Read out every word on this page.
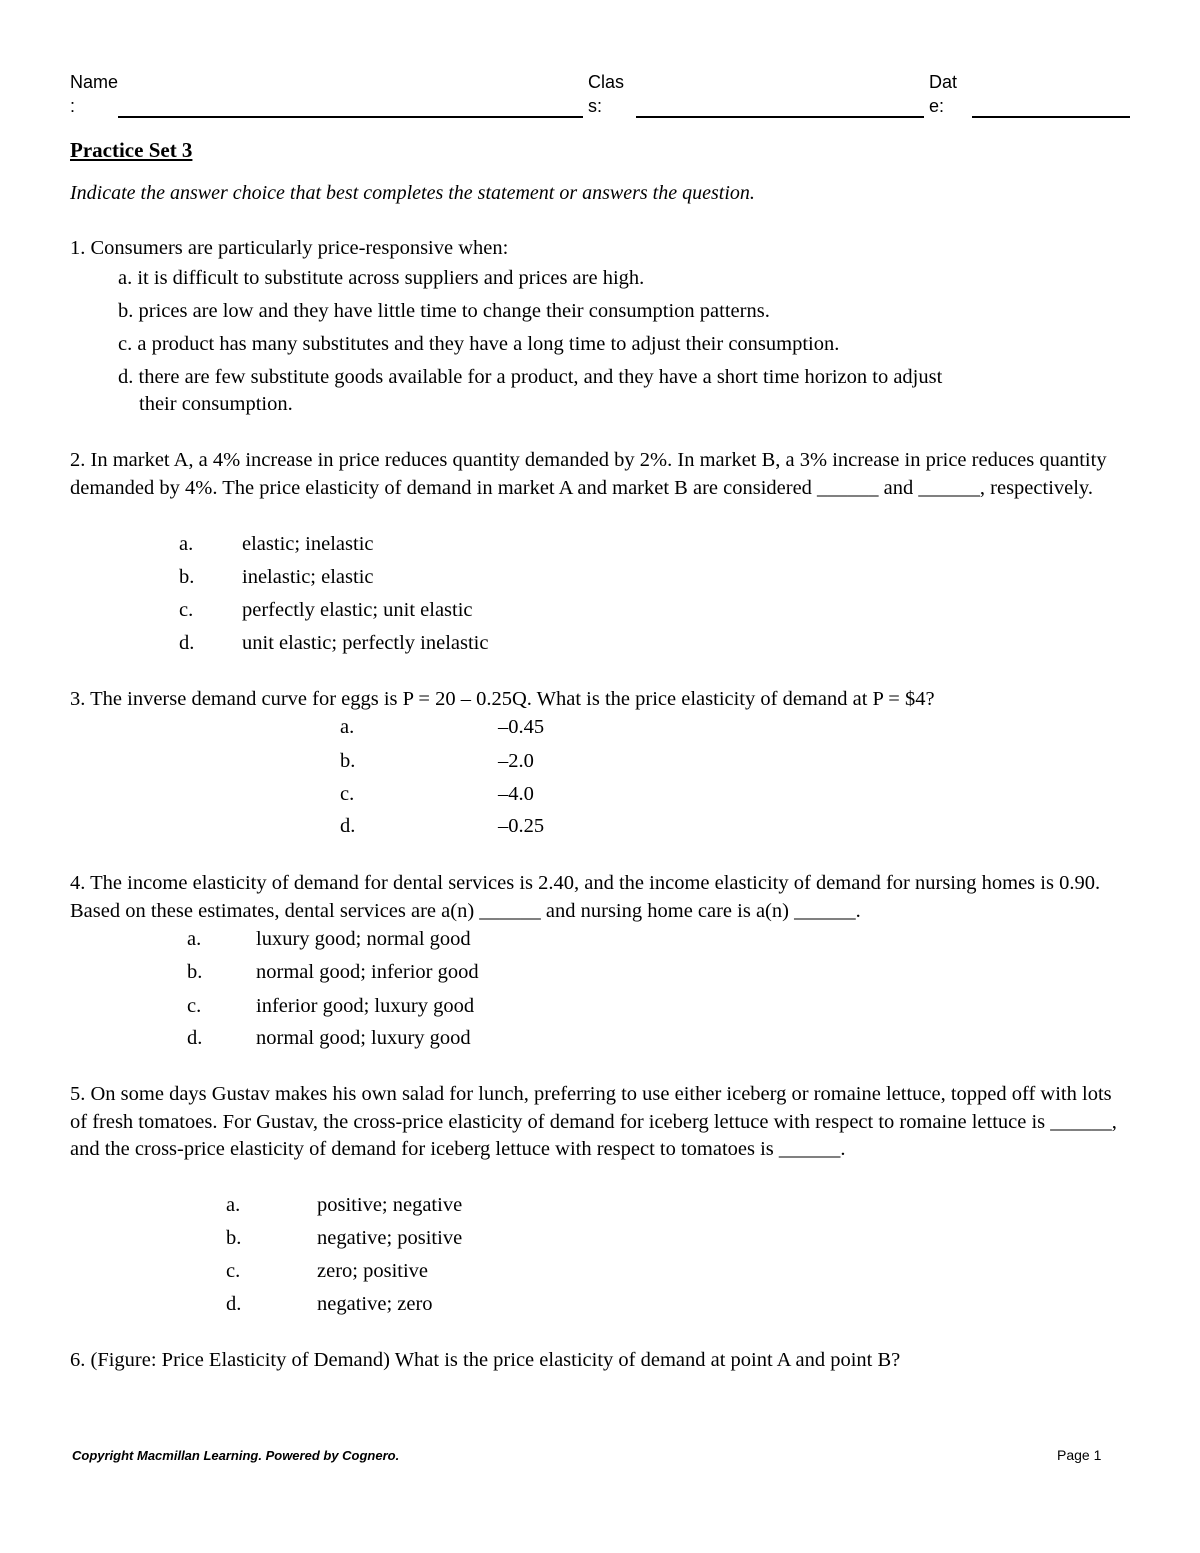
Name
:
Clas
s:
Dat
e:
Practice Set 3
Indicate the answer choice that best completes the statement or answers the question.
1. Consumers are particularly price-responsive when:
a. it is difficult to substitute across suppliers and prices are high.
b. prices are low and they have little time to change their consumption patterns.
c. a product has many substitutes and they have a long time to adjust their consumption.
d. there are few substitute goods available for a product, and they have a short time horizon to adjust
their consumption.
2. In market A, a 4% increase in price reduces quantity demanded by 2%. In market B, a 3% increase in price reduces quantity demanded by 4%. The price elasticity of demand in market A and market B are considered ______ and ______, respectively.
a. elastic; inelastic
b. inelastic; elastic
c. perfectly elastic; unit elastic
d. unit elastic; perfectly inelastic
3. The inverse demand curve for eggs is P = 20 – 0.25Q. What is the price elasticity of demand at P = $4?
a.	–0.45
b.	–2.0
c.	–4.0
d.	–0.25
4. The income elasticity of demand for dental services is 2.40, and the income elasticity of demand for nursing homes is 0.90. Based on these estimates, dental services are a(n) ______ and nursing home care is a(n) ______.
a.	luxury good; normal good
b.	normal good; inferior good
c.	inferior good; luxury good
d.	normal good; luxury good
5. On some days Gustav makes his own salad for lunch, preferring to use either iceberg or romaine lettuce, topped off with lots of fresh tomatoes. For Gustav, the cross-price elasticity of demand for iceberg lettuce with respect to romaine lettuce is ______, and the cross-price elasticity of demand for iceberg lettuce with respect to tomatoes is ______.
a.	positive; negative
b.	negative; positive
c.	zero; positive
d.	negative; zero
6. (Figure: Price Elasticity of Demand) What is the price elasticity of demand at point A and point B?
Copyright Macmillan Learning. Powered by Cognero.	Page 1
